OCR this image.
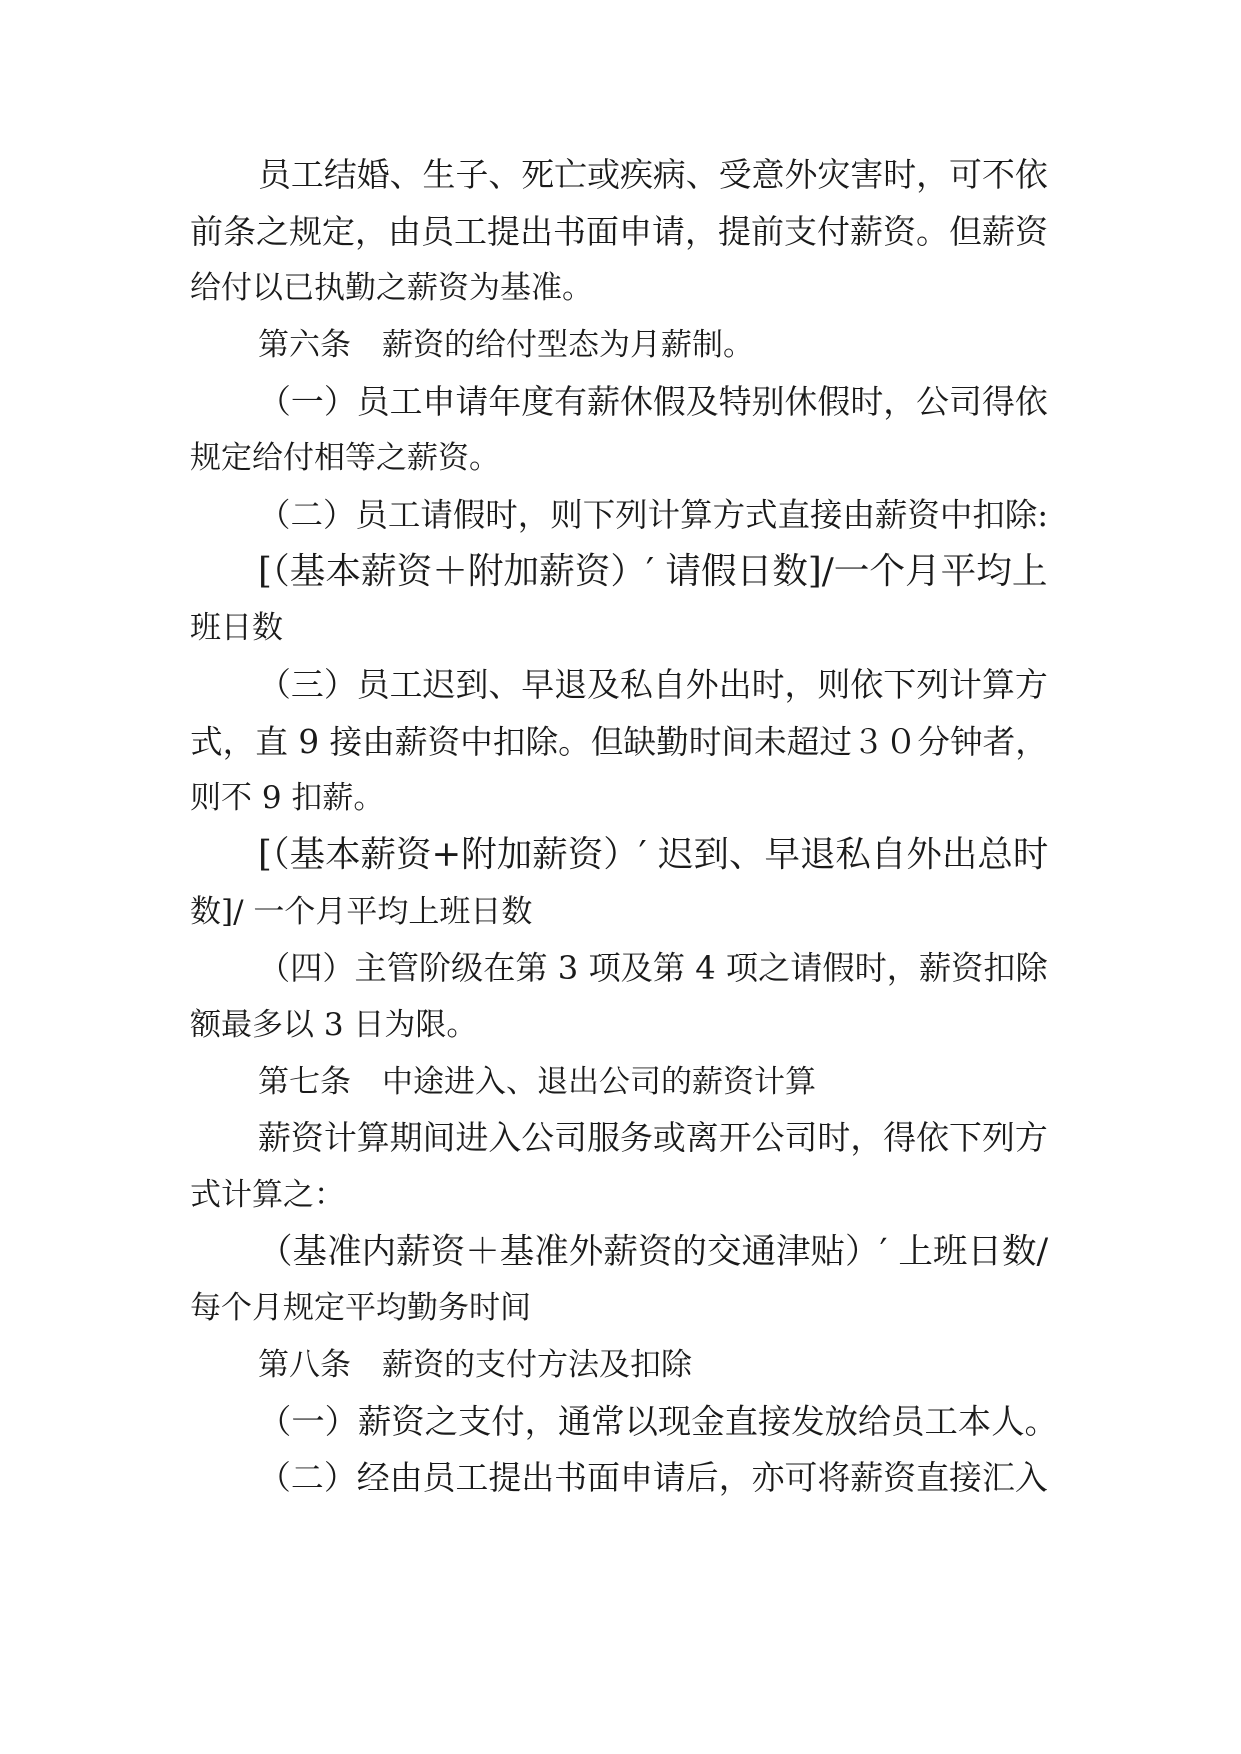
员工结婚、生子、死亡或疾病、受意外灾害时，可不依
前条之规定，由员工提出书面申请，提前支付薪资。但薪资
给付以已执勤之薪资为基准。
第六条　薪资的给付型态为月薪制。
（一）员工申请年度有薪休假及特别休假时，公司得依
规定给付相等之薪资。
（二）员工请假时，则下列计算方式直接由薪资中扣除:
[（基本薪资＋附加薪资）′ 请假日数]/一个月平均上
班日数
（三）员工迟到、早退及私自外出时，则依下列计算方
式，直 9 接由薪资中扣除。但缺勤时间未超过３０分钟者，
则不 9 扣薪。
[（基本薪资+附加薪资）′ 迟到、早退私自外出总时
数]/ 一个月平均上班日数
（四）主管阶级在第 3 项及第 4 项之请假时，薪资扣除
额最多以 3 日为限。
第七条　中途进入、退出公司的薪资计算
薪资计算期间进入公司服务或离开公司时，得依下列方
式计算之：
（基准内薪资＋基准外薪资的交通津贴）′ 上班日数/
每个月规定平均勤务时间
第八条　薪资的支付方法及扣除
（一）薪资之支付，通常以现金直接发放给员工本人。
（二）经由员工提出书面申请后，亦可将薪资直接汇入
